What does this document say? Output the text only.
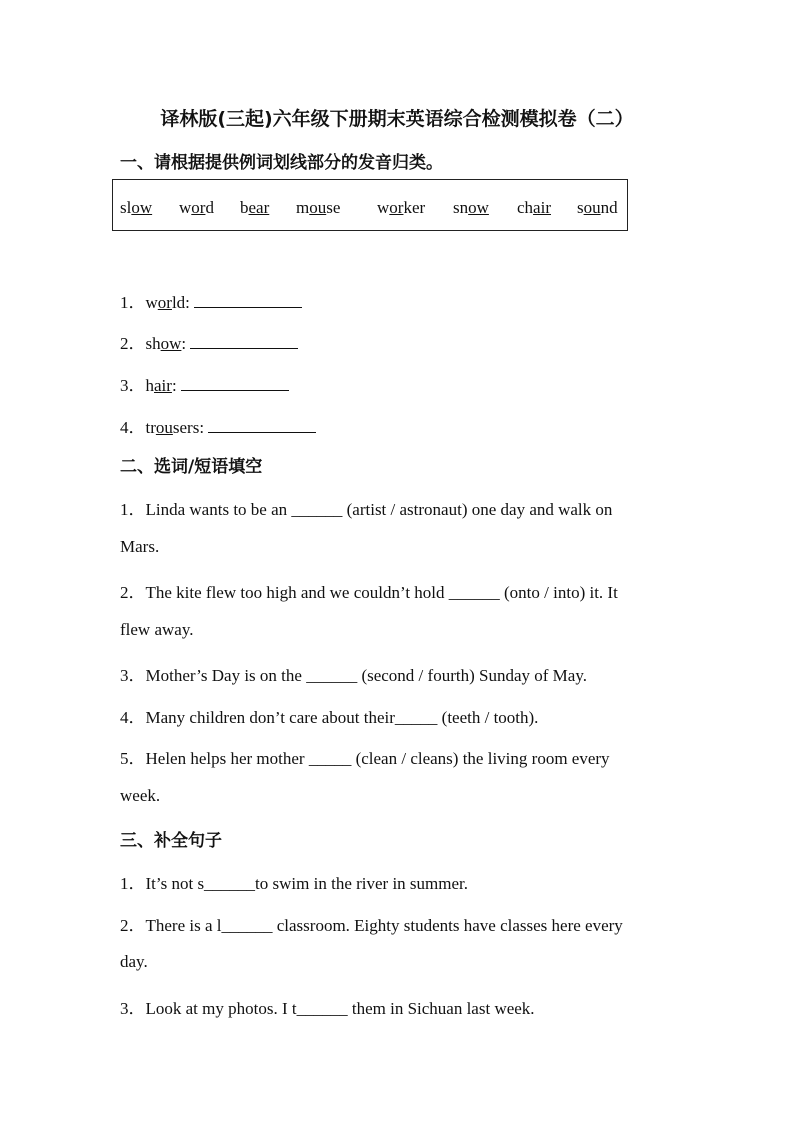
译林版(三起)六年级下册期末英语综合检测模拟卷（二）
一、请根据提供例词划线部分的发音归类。
slow word bear mouse worker snow chair sound
1．world:
2．show:
3．hair:
4．trousers:
二、选词/短语填空
1．Linda wants to be an ______ (artist / astronaut) one day and walk on
Mars.
2．The kite flew too high and we couldn’t hold ______ (onto / into) it. It
flew away.
3．Mother’s Day is on the ______ (second / fourth) Sunday of May.
4．Many children don’t care about their_____ (teeth / tooth).
5．Helen helps her mother _____ (clean / cleans) the living room every
week.
三、补全句子
1．It’s not s______to swim in the river in summer.
2．There is a l______ classroom. Eighty students have classes here every
day.
3．Look at my photos. I t______ them in Sichuan last week.
